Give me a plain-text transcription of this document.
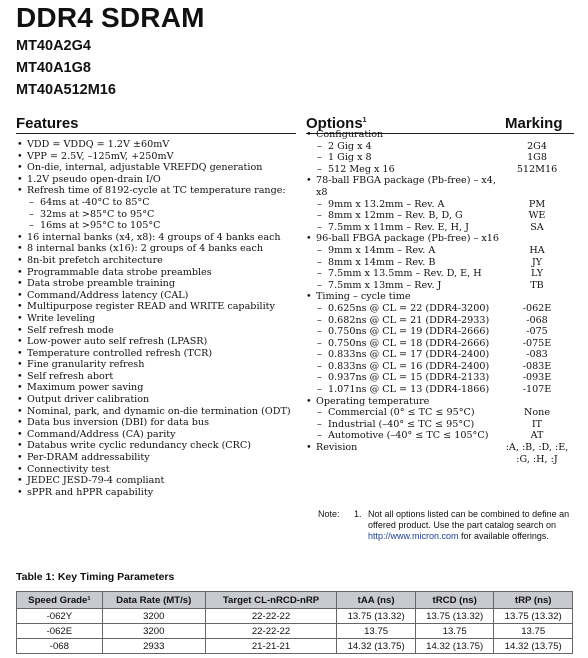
DDR4 SDRAM
MT40A2G4
MT40A1G8
MT40A512M16
Features
• VDD = VDDQ = 1.2V ±60mV
• VPP = 2.5V, –125mV, +250mV
• On-die, internal, adjustable VREFDQ generation
• 1.2V pseudo open-drain I/O
• Refresh time of 8192-cycle at TC temperature range:
– 64ms at -40°C to 85°C
– 32ms at >85°C to 95°C
– 16ms at >95°C to 105°C
• 16 internal banks (x4, x8): 4 groups of 4 banks each
• 8 internal banks (x16): 2 groups of 4 banks each
• 8n-bit prefetch architecture
• Programmable data strobe preambles
• Data strobe preamble training
• Command/Address latency (CAL)
• Multipurpose register READ and WRITE capability
• Write leveling
• Self refresh mode
• Low-power auto self refresh (LPASR)
• Temperature controlled refresh (TCR)
• Fine granularity refresh
• Self refresh abort
• Maximum power saving
• Output driver calibration
• Nominal, park, and dynamic on-die termination (ODT)
• Data bus inversion (DBI) for data bus
• Command/Address (CA) parity
• Databus write cyclic redundancy check (CRC)
• Per-DRAM addressability
• Connectivity test
• JEDEC JESD-79-4 compliant
• sPPR and hPPR capability
Options$^1$	Marking
• Configuration
– 2 Gig x 4	2G4
– 1 Gig x 8	1G8
– 512 Meg x 16	512M16
• 78-ball FBGA package (Pb-free) – x4, x8
– 9mm x 13.2mm – Rev. A	PM
– 8mm x 12mm – Rev. B, D, G	WE
– 7.5mm x 11mm – Rev. E, H, J	SA
• 96-ball FBGA package (Pb-free) – x16
– 9mm x 14mm – Rev. A	HA
– 8mm x 14mm – Rev. B	JY
– 7.5mm x 13.5mm – Rev. D, E, H	LY
– 7.5mm x 13mm – Rev. J	TB
• Timing – cycle time
– 0.625ns @ CL = 22 (DDR4-3200)	-062E
– 0.682ns @ CL = 21 (DDR4-2933)	-068
– 0.750ns @ CL = 19 (DDR4-2666)	-075
– 0.750ns @ CL = 18 (DDR4-2666)	-075E
– 0.833ns @ CL = 17 (DDR4-2400)	-083
– 0.833ns @ CL = 16 (DDR4-2400)	-083E
– 0.937ns @ CL = 15 (DDR4-2133)	-093E
– 1.071ns @ CL = 13 (DDR4-1866)	-107E
• Operating temperature
– Commercial (0° ≤ TC ≤ 95°C)	None
– Industrial (–40° ≤ TC ≤ 95°C)	IT
– Automotive (–40° ≤ TC ≤ 105°C)	AT
• Revision	:A, :B, :D, :E, :G, :H, :J
Note: 1. Not all options listed can be combined to define an offered product. Use the part catalog search on http://www.micron.com for available offerings.
Table 1: Key Timing Parameters
Speed Grade¹	Data Rate (MT/s)	Target CL-nRCD-nRP	tAA (ns)	tRCD (ns)	tRP (ns)
-062Y	3200	22-22-22	13.75 (13.32)	13.75 (13.32)	13.75 (13.32)
-062E	3200	22-22-22	13.75	13.75	13.75
-068	2933	21-21-21	14.32 (13.75)	14.32 (13.75)	14.32 (13.75)
